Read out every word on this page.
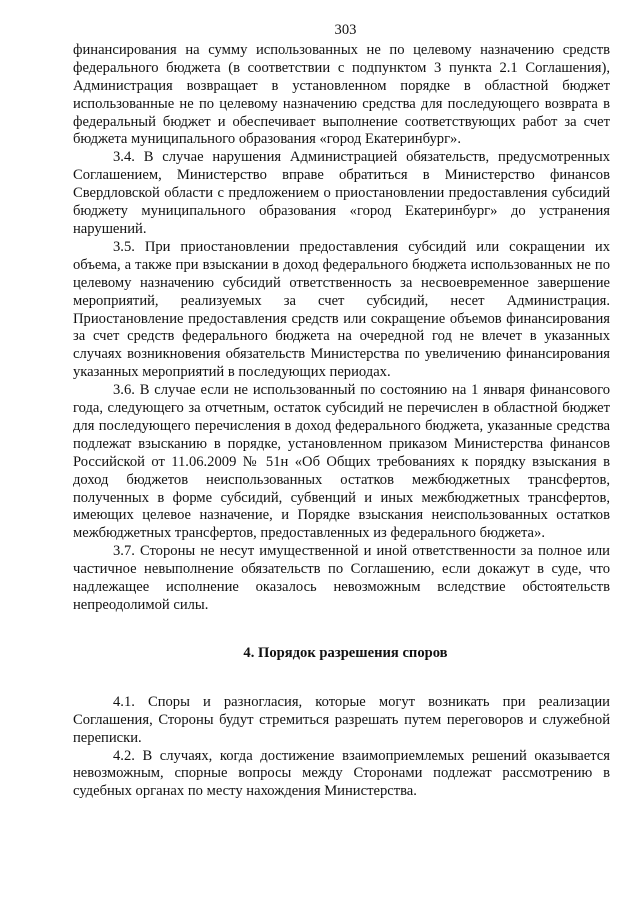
303

финансирования на сумму использованных не по целевому назначению средств федерального бюджета (в соответствии с подпунктом 3 пункта 2.1 Соглашения), Администрация возвращает в установленном порядке в областной бюджет использованные не по целевому назначению средства для последующего возврата в федеральный бюджет и обеспечивает выполнение соответствующих работ за счет бюджета муниципального образования «город Екатеринбург».

3.4. В случае нарушения Администрацией обязательств, предусмотренных Соглашением, Министерство вправе обратиться в Министерство финансов Свердловской области с предложением о приостановлении предоставления субсидий бюджету муниципального образования «город Екатеринбург» до устранения нарушений.

3.5. При приостановлении предоставления субсидий или сокращении их объема, а также при взыскании в доход федерального бюджета использованных не по целевому назначению субсидий ответственность за несвоевременное завершение мероприятий, реализуемых за счет субсидий, несет Администрация. Приостановление предоставления средств или сокращение объемов финансирования за счет средств федерального бюджета на очередной год не влечет в указанных случаях возникновения обязательств Министерства по увеличению финансирования указанных мероприятий в последующих периодах.

3.6. В случае если не использованный по состоянию на 1 января финансового года, следующего за отчетным, остаток субсидий не перечислен в областной бюджет для последующего перечисления в доход федерального бюджета, указанные средства подлежат взысканию в порядке, установленном приказом Министерства финансов Российской от 11.06.2009 № 51н «Об Общих требованиях к порядку взыскания в доход бюджетов неиспользованных остатков межбюджетных трансфертов, полученных в форме субсидий, субвенций и иных межбюджетных трансфертов, имеющих целевое назначение, и Порядке взыскания неиспользованных остатков межбюджетных трансфертов, предоставленных из федерального бюджета».

3.7. Стороны не несут имущественной и иной ответственности за полное или частичное невыполнение обязательств по Соглашению, если докажут в суде, что надлежащее исполнение оказалось невозможным вследствие обстоятельств непреодолимой силы.

4. Порядок разрешения споров

4.1. Споры и разногласия, которые могут возникать при реализации Соглашения, Стороны будут стремиться разрешать путем переговоров и служебной переписки.

4.2. В случаях, когда достижение взаимоприемлемых решений оказывается невозможным, спорные вопросы между Сторонами подлежат рассмотрению в судебных органах по месту нахождения Министерства.
